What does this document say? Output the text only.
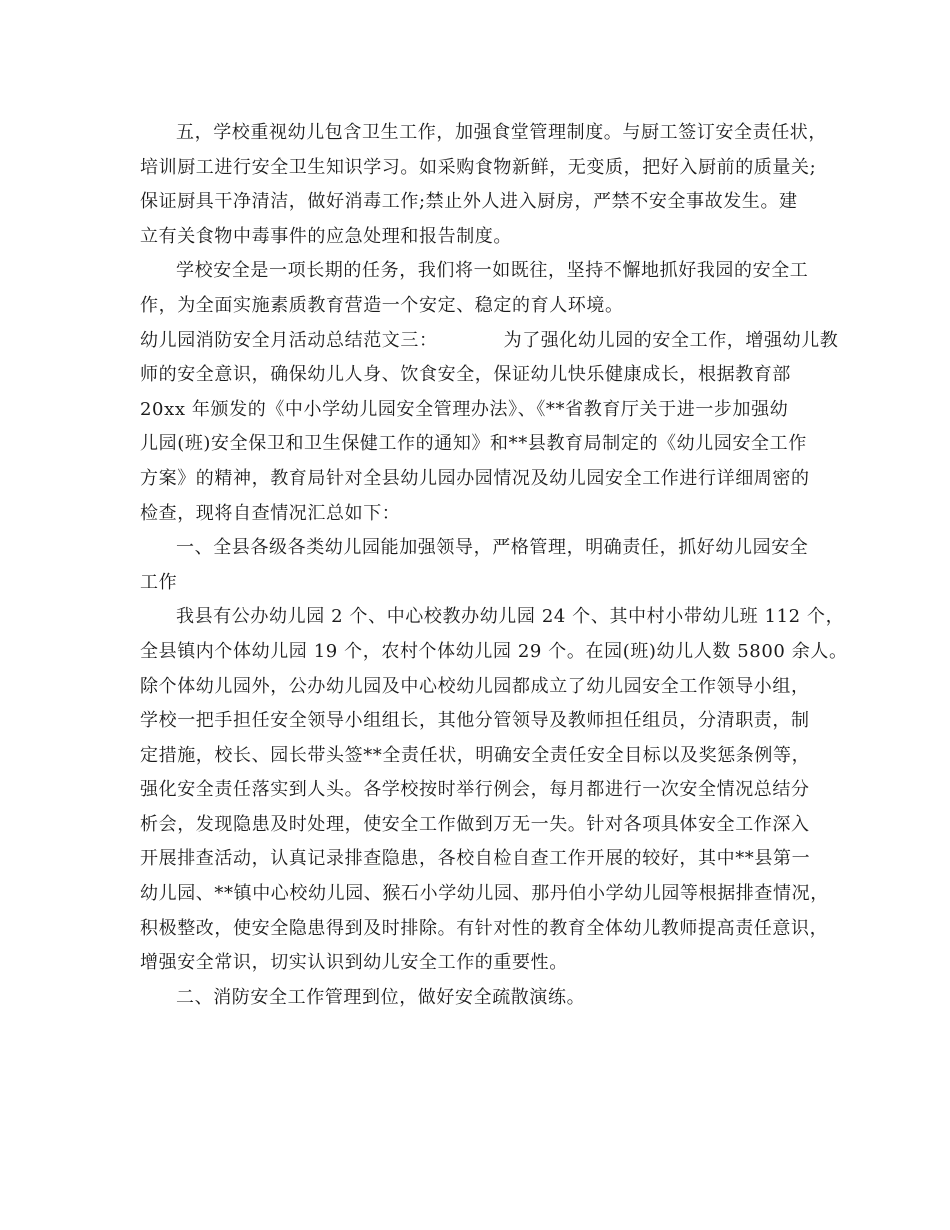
五，学校重视幼儿包含卫生工作，加强食堂管理制度。与厨工签订安全责任状，
培训厨工进行安全卫生知识学习。如采购食物新鲜，无变质，把好入厨前的质量关;
保证厨具干净清洁，做好消毒工作;禁止外人进入厨房，严禁不安全事故发生。建
立有关食物中毒事件的应急处理和报告制度。
学校安全是一项长期的任务，我们将一如既往，坚持不懈地抓好我园的安全工
作，为全面实施素质教育营造一个安定、稳定的育人环境。
幼儿园消防安全月活动总结范文三：	为了强化幼儿园的安全工作，增强幼儿教
师的安全意识，确保幼儿人身、饮食安全，保证幼儿快乐健康成长，根据教育部
20xx 年颁发的《中小学幼儿园安全管理办法》、《**省教育厅关于进一步加强幼
儿园(班)安全保卫和卫生保健工作的通知》和**县教育局制定的《幼儿园安全工作
方案》的精神，教育局针对全县幼儿园办园情况及幼儿园安全工作进行详细周密的
检查，现将自查情况汇总如下：
一、全县各级各类幼儿园能加强领导，严格管理，明确责任，抓好幼儿园安全
工作
我县有公办幼儿园 2 个、中心校教办幼儿园 24 个、其中村小带幼儿班 112 个，
全县镇内个体幼儿园 19 个，农村个体幼儿园 29 个。在园(班)幼儿人数 5800 余人。
除个体幼儿园外，公办幼儿园及中心校幼儿园都成立了幼儿园安全工作领导小组，
学校一把手担任安全领导小组组长，其他分管领导及教师担任组员，分清职责，制
定措施，校长、园长带头签**全责任状，明确安全责任安全目标以及奖惩条例等，
强化安全责任落实到人头。各学校按时举行例会，每月都进行一次安全情况总结分
析会，发现隐患及时处理，使安全工作做到万无一失。针对各项具体安全工作深入
开展排查活动，认真记录排查隐患，各校自检自查工作开展的较好，其中**县第一
幼儿园、**镇中心校幼儿园、猴石小学幼儿园、那丹伯小学幼儿园等根据排查情况，
积极整改，使安全隐患得到及时排除。有针对性的教育全体幼儿教师提高责任意识，
增强安全常识，切实认识到幼儿安全工作的重要性。
二、消防安全工作管理到位，做好安全疏散演练。
